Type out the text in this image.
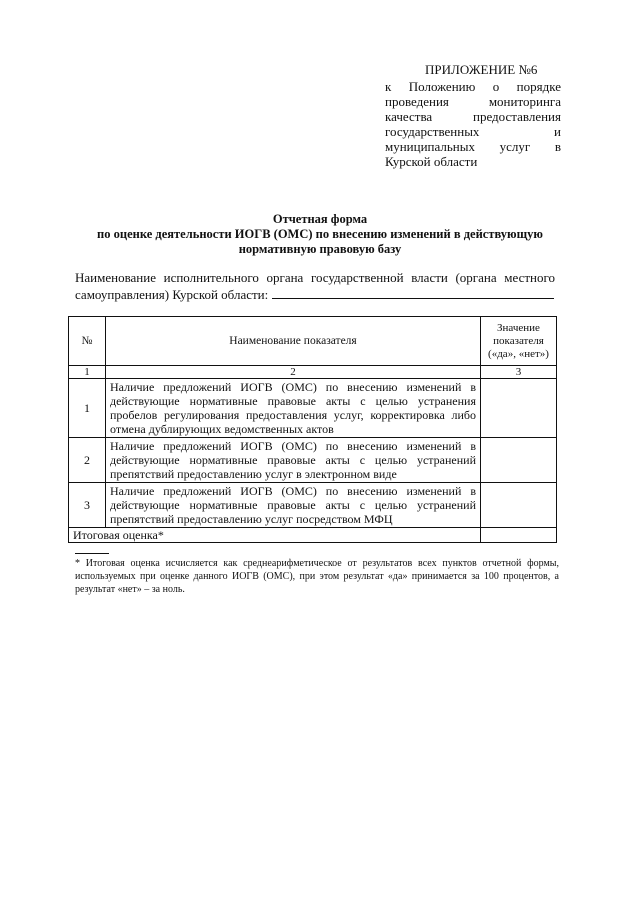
ПРИЛОЖЕНИЕ №6
к Положению о порядке проведения мониторинга качества предоставления государственных и муниципальных услуг в Курской области
Отчетная форма
по оценке деятельности ИОГВ (ОМС) по внесению изменений в действующую
нормативную правовую базу
Наименование исполнительного органа государственной власти (органа местного самоуправления) Курской области:
№	Наименование показателя	Значение показателя («да», «нет»)
1	2	3
1	Наличие предложений ИОГВ (ОМС) по внесению изменений в действующие нормативные правовые акты с целью устранения пробелов регулирования предоставления услуг, корректировка либо отмена дублирующих ведомственных актов	
2	Наличие предложений ИОГВ (ОМС) по внесению изменений в действующие нормативные правовые акты с целью устранений препятствий предоставлению услуг в электронном виде	
3	Наличие предложений ИОГВ (ОМС) по внесению изменений в действующие нормативные правовые акты с целью устранений препятствий предоставлению услуг посредством МФЦ	
Итоговая оценка*		
* Итоговая оценка исчисляется как среднеарифметическое от результатов всех пунктов отчетной формы, используемых при оценке данного ИОГВ (ОМС), при этом результат «да» принимается за 100 процентов, а результат «нет» – за ноль.
